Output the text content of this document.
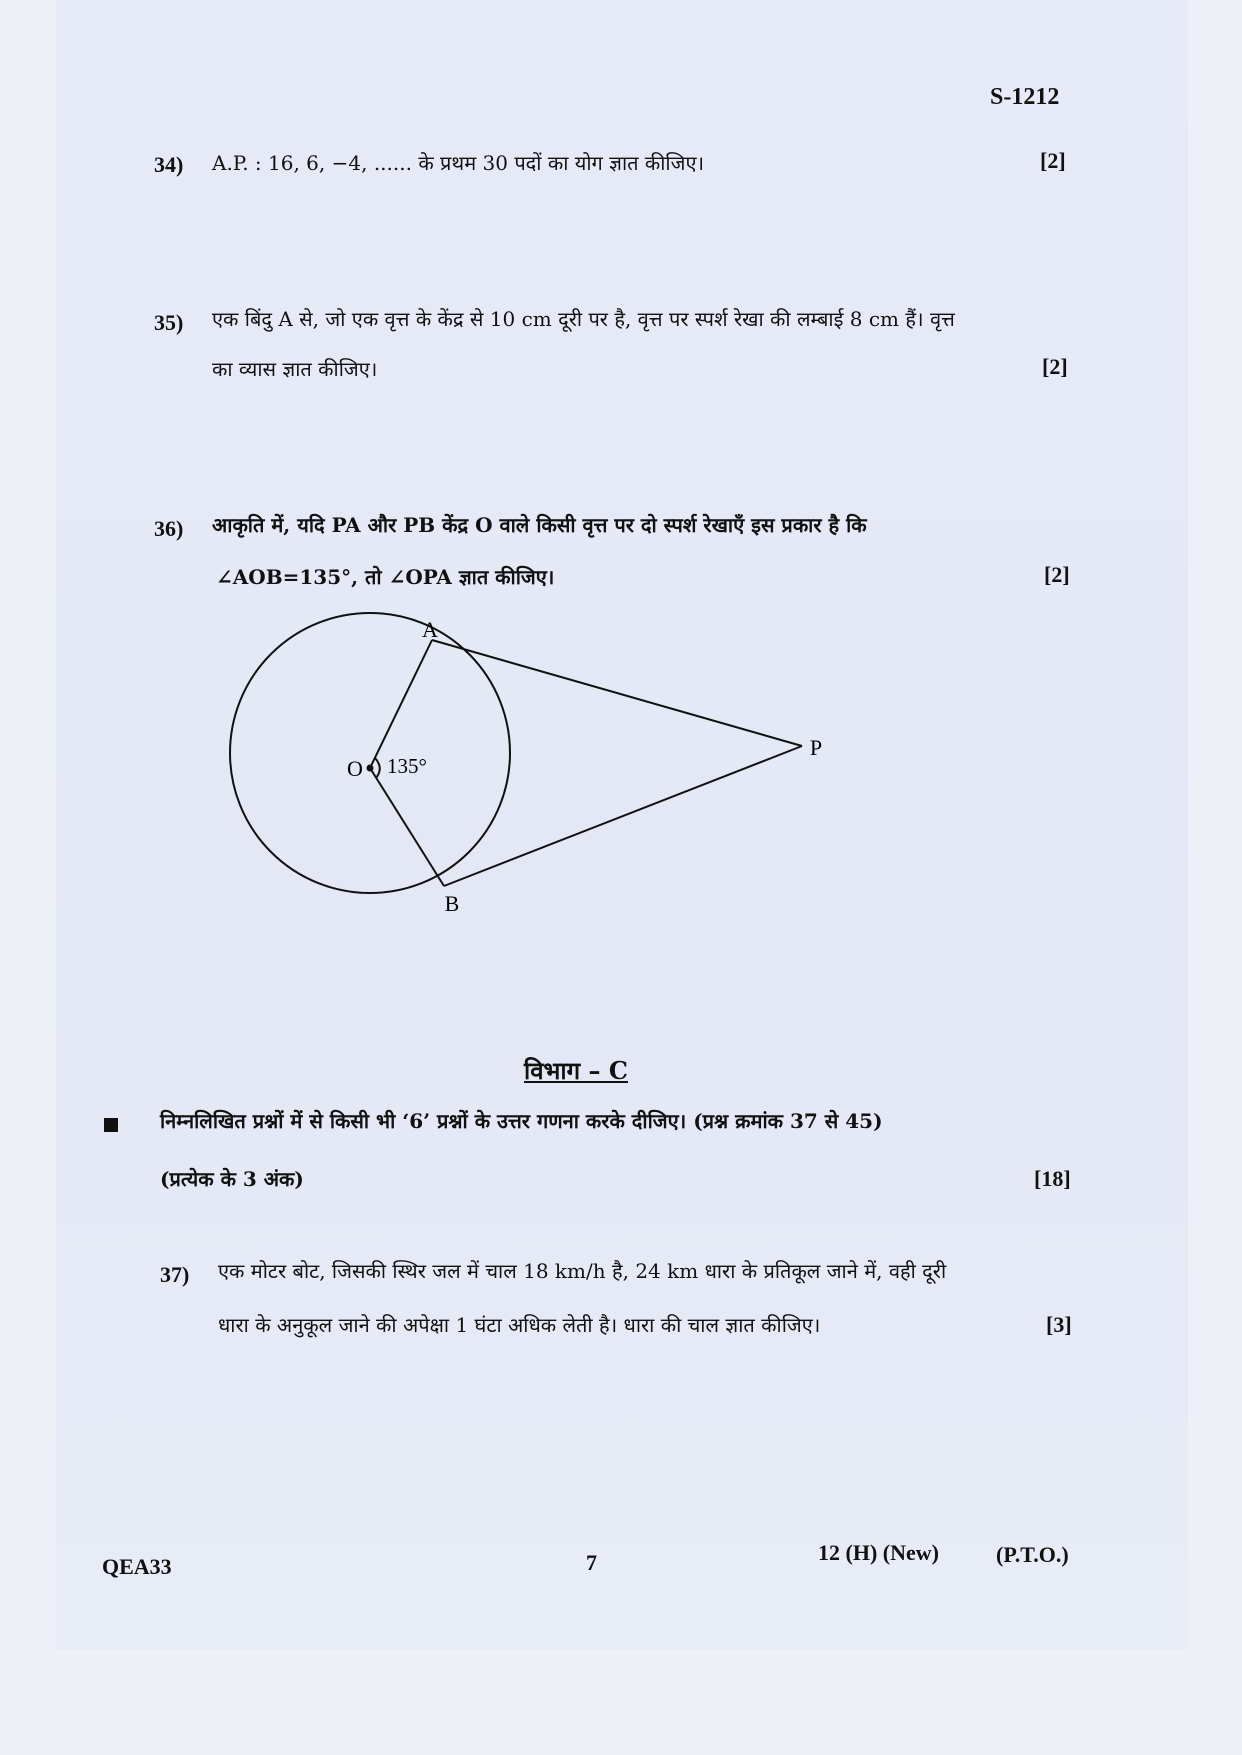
S-1212
34) A.P. : 16, 6, −4, ...... के प्रथम 30 पदों का योग ज्ञात कीजिए।	[2]
35) एक बिंदु A से, जो एक वृत्त के केंद्र से 10 cm दूरी पर है, वृत्त पर स्पर्श रेखा की लम्बाई 8 cm हैं। वृत्त
का व्यास ज्ञात कीजिए।	[2]
36) आकृति में, यदि PA और PB केंद्र O वाले किसी वृत्त पर दो स्पर्श रेखाएँ इस प्रकार है कि
∠AOB=135°, तो ∠OPA ज्ञात कीजिए।	[2]
A
B
O
P
135°
विभाग – C
निम्नलिखित प्रश्नों में से किसी भी ‘6’ प्रश्नों के उत्तर गणना करके दीजिए। (प्रश्न क्रमांक 37 से 45)
(प्रत्येक के 3 अंक)	[18]
37) एक मोटर बोट, जिसकी स्थिर जल में चाल 18 km/h है, 24 km धारा के प्रतिकूल जाने में, वही दूरी
धारा के अनुकूल जाने की अपेक्षा 1 घंटा अधिक लेती है। धारा की चाल ज्ञात कीजिए।	[3]
QEA33	7	12 (H) (New)	(P.T.O.)
